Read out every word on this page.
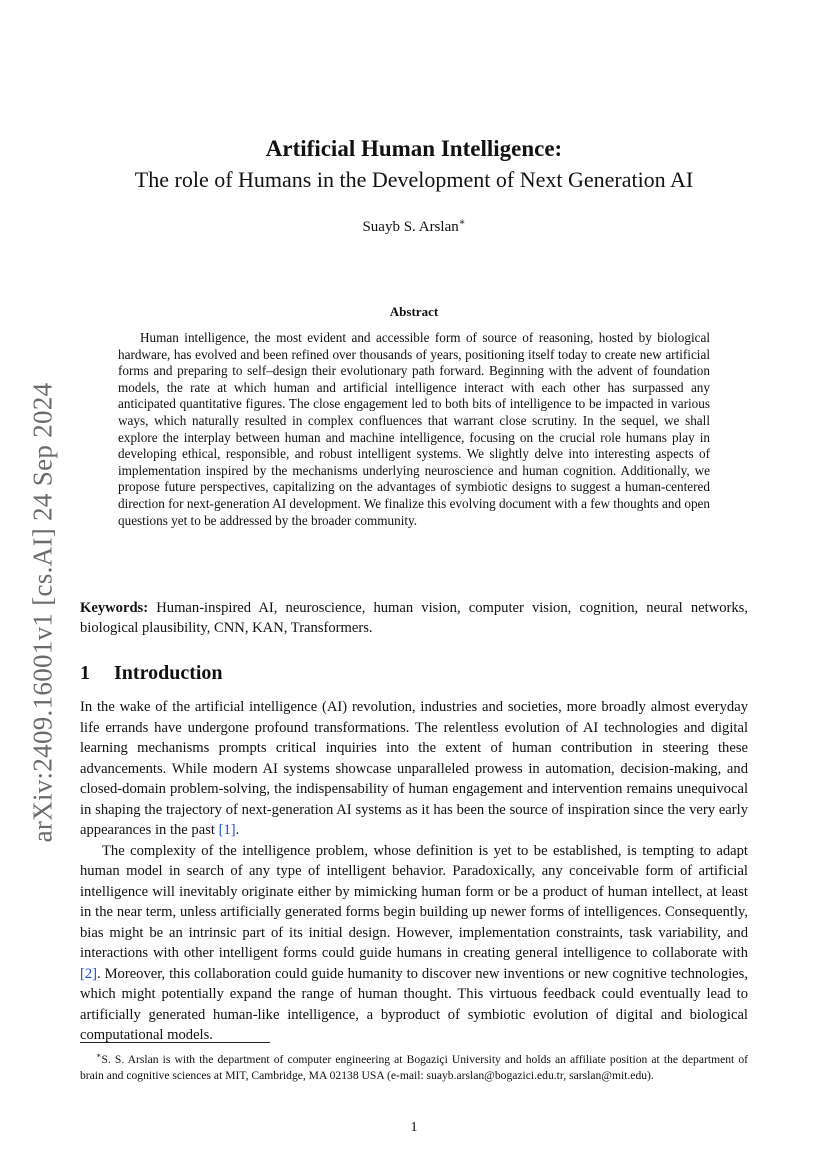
arXiv:2409.16001v1 [cs.AI] 24 Sep 2024
Artificial Human Intelligence:
The role of Humans in the Development of Next Generation AI
Suayb S. Arslan∗
Abstract
Human intelligence, the most evident and accessible form of source of reasoning, hosted by biological hardware, has evolved and been refined over thousands of years, positioning itself today to create new artificial forms and preparing to self–design their evolutionary path forward. Beginning with the advent of foundation models, the rate at which human and artificial intelligence interact with each other has surpassed any anticipated quantitative figures. The close engagement led to both bits of intelligence to be impacted in various ways, which naturally resulted in complex confluences that warrant close scrutiny. In the sequel, we shall explore the interplay between human and machine intelligence, focusing on the crucial role humans play in developing ethical, responsible, and robust intelligent systems. We slightly delve into interesting aspects of implementation inspired by the mechanisms underlying neuroscience and human cognition. Additionally, we propose future perspectives, capitalizing on the advantages of symbiotic designs to suggest a human-centered direction for next-generation AI development. We finalize this evolving document with a few thoughts and open questions yet to be addressed by the broader community.
Keywords: Human-inspired AI, neuroscience, human vision, computer vision, cognition, neural networks, biological plausibility, CNN, KAN, Transformers.
1 Introduction

In the wake of the artificial intelligence (AI) revolution, industries and societies, more broadly almost everyday life errands have undergone profound transformations. The relentless evolution of AI technologies and digital learning mechanisms prompts critical inquiries into the extent of human contribution in steering these advancements. While modern AI systems showcase unparalleled prowess in automation, decision-making, and closed-domain problem-solving, the indispensability of human engagement and intervention remains unequivocal in shaping the trajectory of next-generation AI systems as it has been the source of inspiration since the very early appearances in the past [1].

The complexity of the intelligence problem, whose definition is yet to be established, is tempting to adapt human model in search of any type of intelligent behavior. Paradoxically, any conceivable form of artificial intelligence will inevitably originate either by mimicking human form or be a product of human intellect, at least in the near term, unless artificially generated forms begin building up newer forms of intelligences. Consequently, bias might be an intrinsic part of its initial design. However, implementation constraints, task variability, and interactions with other intelligent forms could guide humans in creating general intelligence to collaborate with [2]. Moreover, this collaboration could guide humanity to discover new inventions or new cognitive technologies, which might potentially expand the range of human thought. This virtuous feedback could eventually lead to artificially generated human-like intelligence, a byproduct of symbiotic evolution of digital and biological computational models.

∗S. S. Arslan is with the department of computer engineering at Bogaziçi University and holds an affiliate position at the department of brain and cognitive sciences at MIT, Cambridge, MA 02138 USA (e-mail: suayb.arslan@bogazici.edu.tr, sarslan@mit.edu).
1
